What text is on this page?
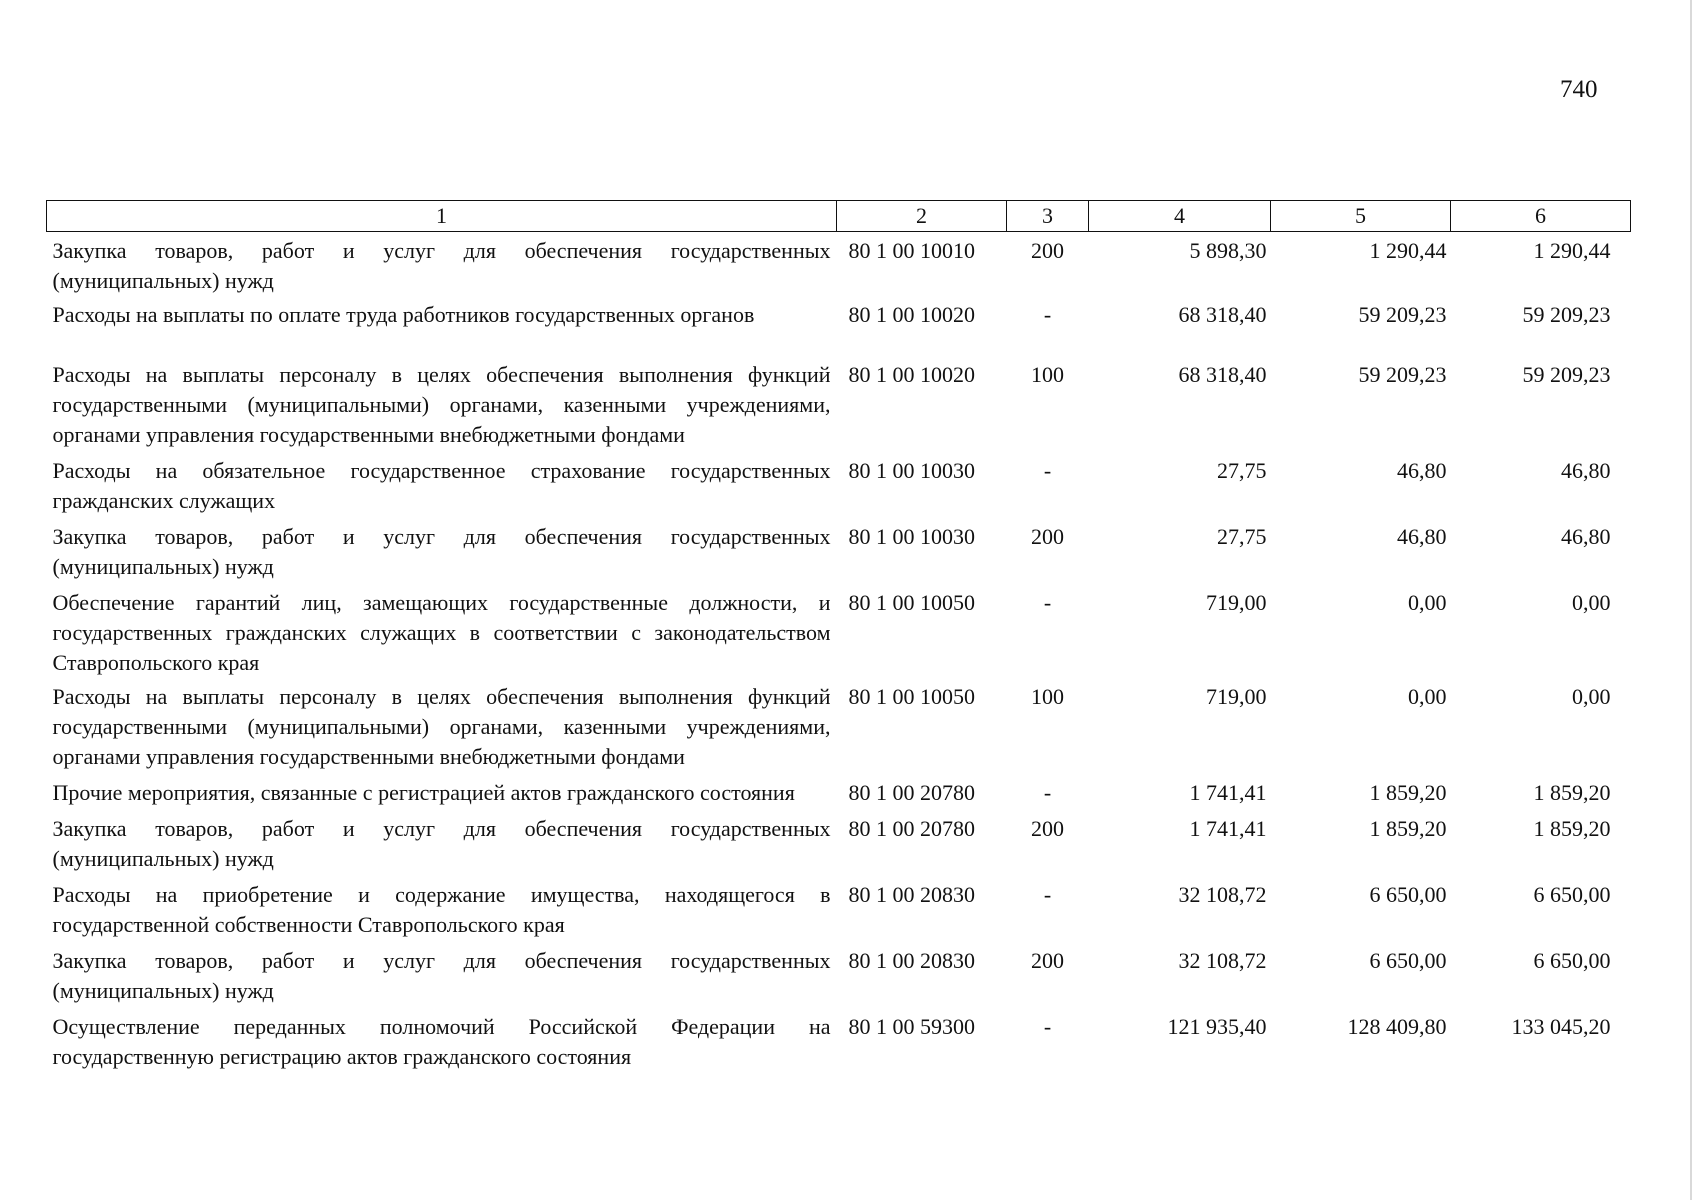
740
1	2	3	4	5	6
Закупка товаров, работ и услуг для обеспечения государственных (муниципальных) нужд	80 1 00 10010	200	5 898,30	1 290,44	1 290,44
Расходы на выплаты по оплате труда работников государственных органов	80 1 00 10020	-	68 318,40	59 209,23	59 209,23
Расходы на выплаты персоналу в целях обеспечения выполнения функций государственными (муниципальными) органами, казенными учреждениями, органами управления государственными внебюджетными фондами	80 1 00 10020	100	68 318,40	59 209,23	59 209,23
Расходы на обязательное государственное страхование государственных гражданских служащих	80 1 00 10030	-	27,75	46,80	46,80
Закупка товаров, работ и услуг для обеспечения государственных (муниципальных) нужд	80 1 00 10030	200	27,75	46,80	46,80
Обеспечение гарантий лиц, замещающих государственные должности, и государственных гражданских служащих в соответствии с законодательством Ставропольского края	80 1 00 10050	-	719,00	0,00	0,00
Расходы на выплаты персоналу в целях обеспечения выполнения функций государственными (муниципальными) органами, казенными учреждениями, органами управления государственными внебюджетными фондами	80 1 00 10050	100	719,00	0,00	0,00
Прочие мероприятия, связанные с регистрацией актов гражданского состояния	80 1 00 20780	-	1 741,41	1 859,20	1 859,20
Закупка товаров, работ и услуг для обеспечения государственных (муниципальных) нужд	80 1 00 20780	200	1 741,41	1 859,20	1 859,20
Расходы на приобретение и содержание имущества, находящегося в государственной собственности Ставропольского края	80 1 00 20830	-	32 108,72	6 650,00	6 650,00
Закупка товаров, работ и услуг для обеспечения государственных (муниципальных) нужд	80 1 00 20830	200	32 108,72	6 650,00	6 650,00
Осуществление переданных полномочий Российской Федерации на государственную регистрацию актов гражданского состояния	80 1 00 59300	-	121 935,40	128 409,80	133 045,20
